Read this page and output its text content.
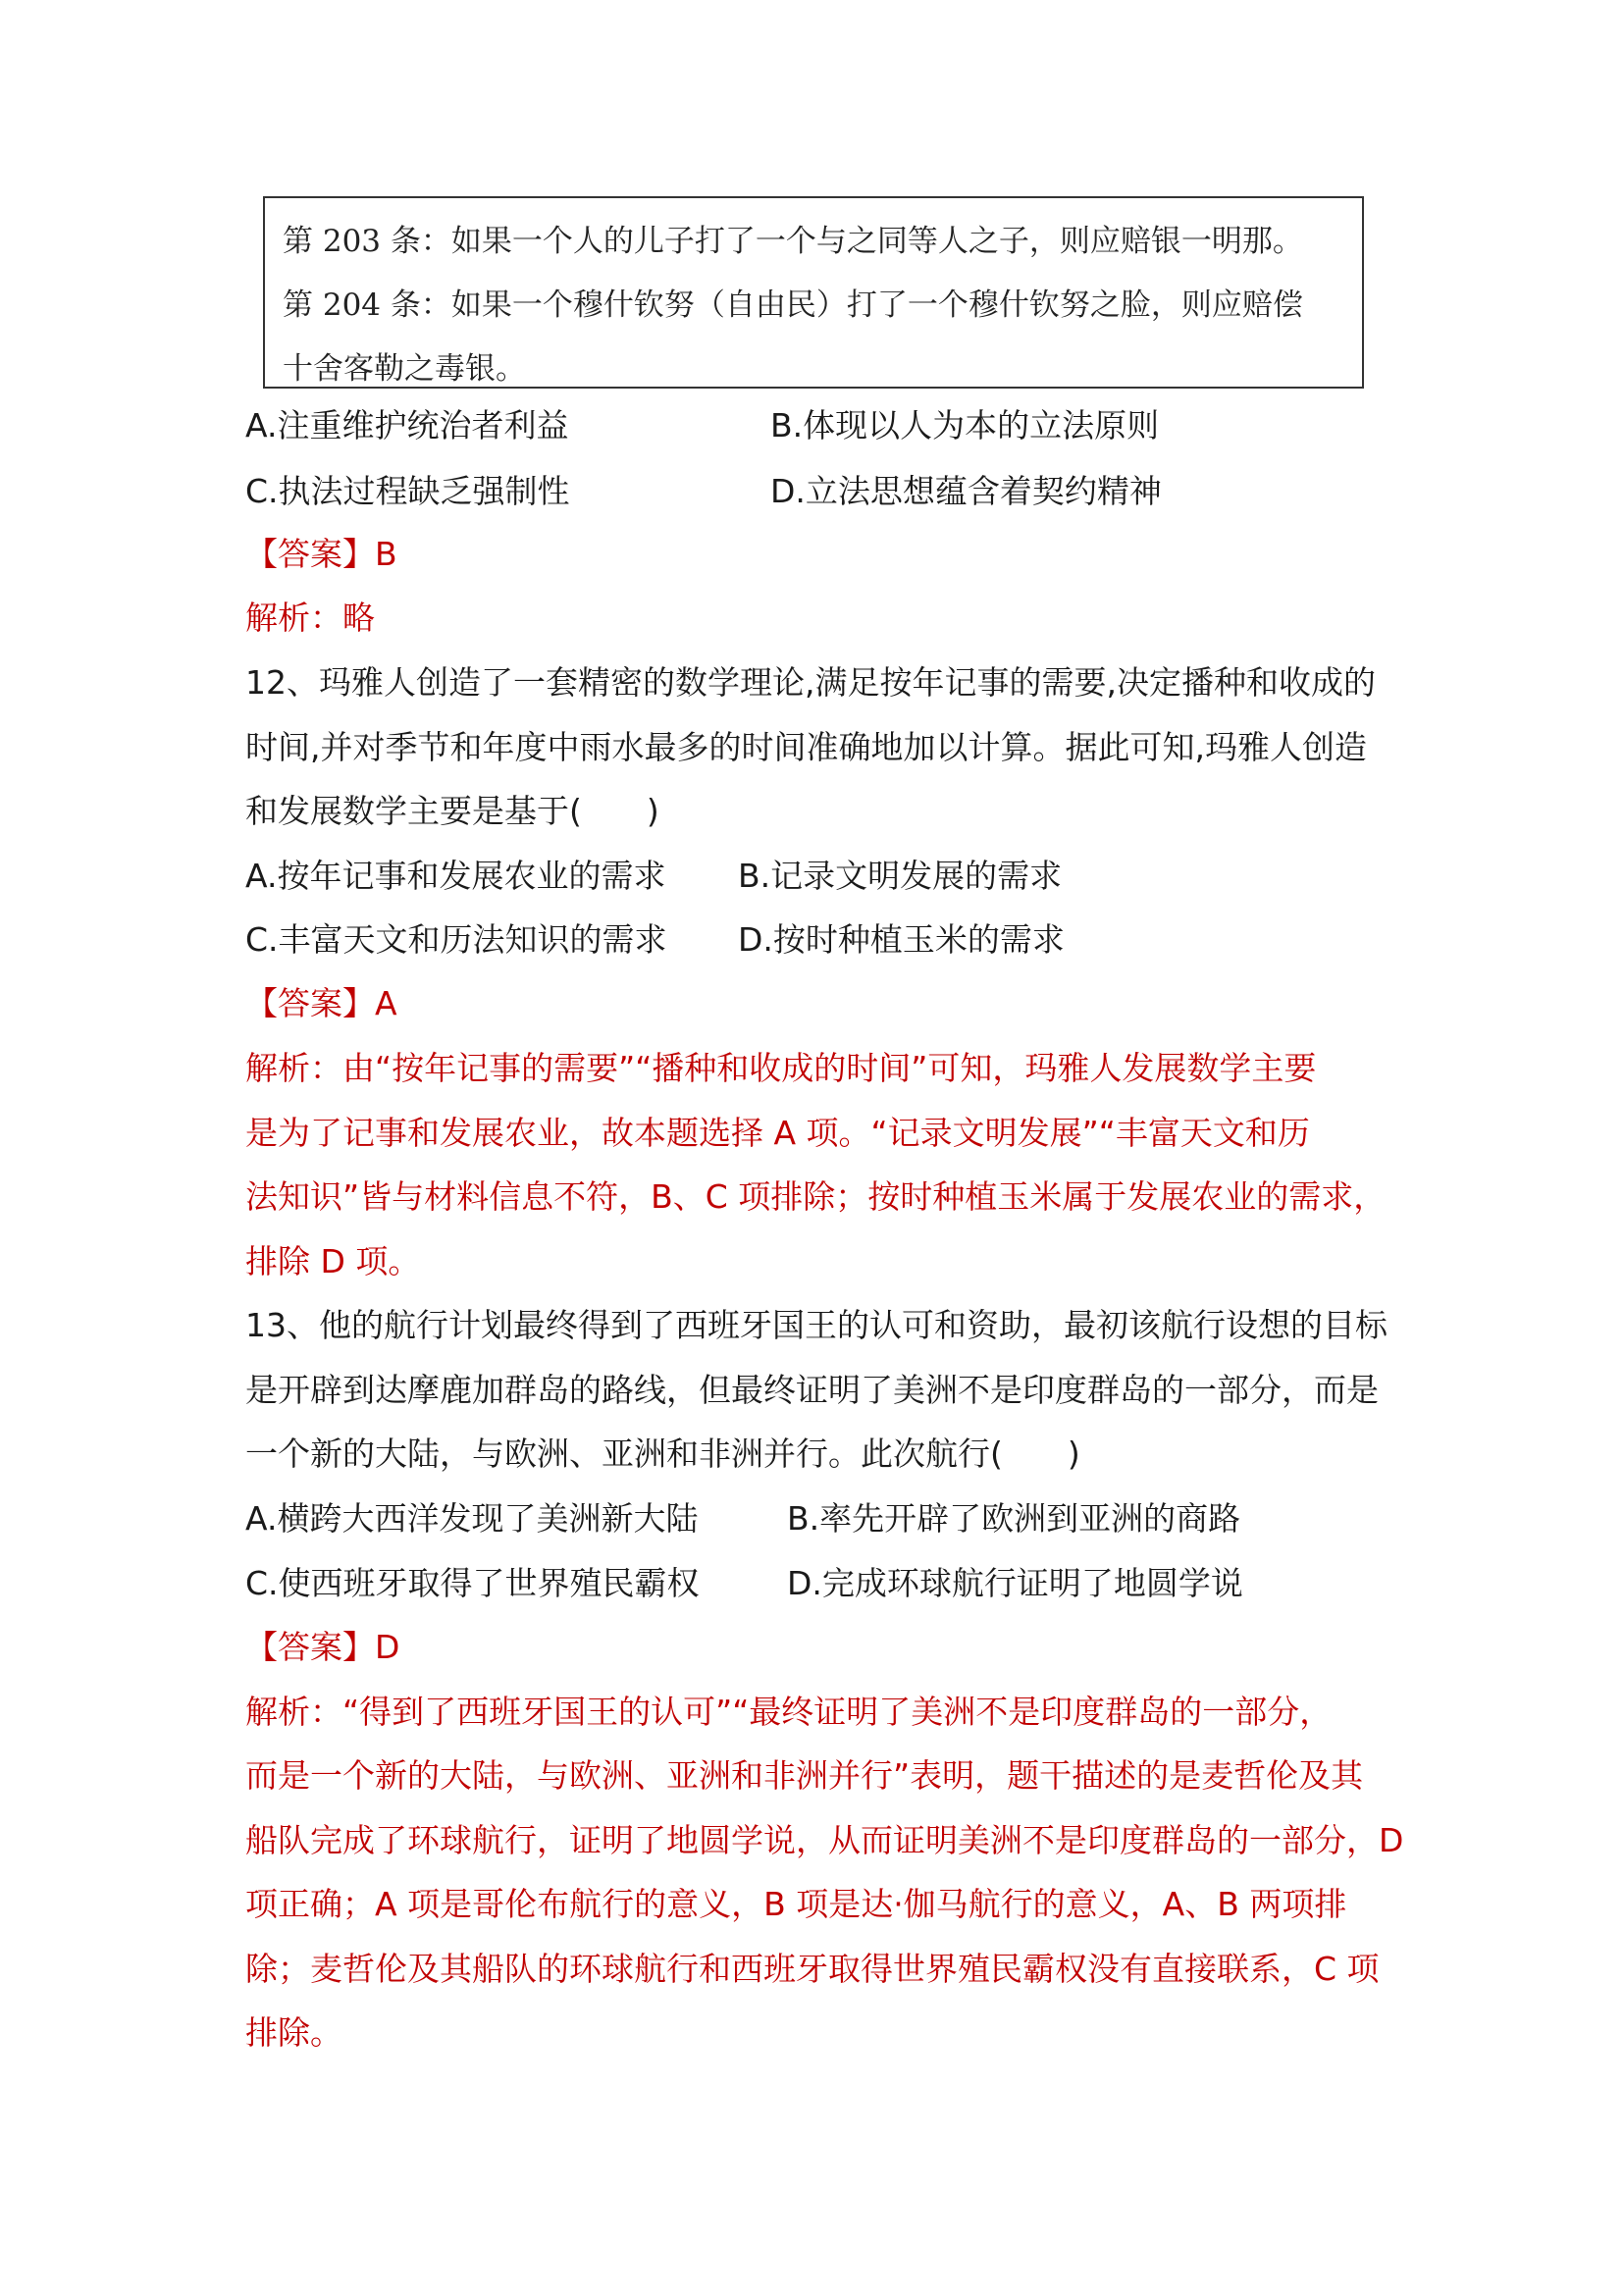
第 203 条：如果一个人的儿子打了一个与之同等人之子，则应赔银一明那。

第 204 条：如果一个穆什钦努（自由民）打了一个穆什钦努之脸，则应赔偿

十舍客勒之毒银。

A.注重维护统治者利益	B.体现以人为本的立法原则
C.执法过程缺乏强制性	D.立法思想蕴含着契约精神
【答案】B
解析：略
12、玛雅人创造了一套精密的数学理论,满足按年记事的需要,决定播种和收成的
时间,并对季节和年度中雨水最多的时间准确地加以计算。据此可知,玛雅人创造
和发展数学主要是基于(　　)
A.按年记事和发展农业的需求 B.记录文明发展的需求
C.丰富天文和历法知识的需求 D.按时种植玉米的需求
【答案】A
解析：由“按年记事的需要”“播种和收成的时间”可知，玛雅人发展数学主要
是为了记事和发展农业，故本题选择 A 项。“记录文明发展”“丰富天文和历
法知识”皆与材料信息不符，B、C 项排除；按时种植玉米属于发展农业的需求，
排除 D 项。
13、他的航行计划最终得到了西班牙国王的认可和资助，最初该航行设想的目标
是开辟到达摩鹿加群岛的路线，但最终证明了美洲不是印度群岛的一部分，而是
一个新的大陆，与欧洲、亚洲和非洲并行。此次航行(　　)
A.横跨大西洋发现了美洲新大陆	B.率先开辟了欧洲到亚洲的商路
C.使西班牙取得了世界殖民霸权	D.完成环球航行证明了地圆学说
【答案】D
解析：“得到了西班牙国王的认可”“最终证明了美洲不是印度群岛的一部分，
而是一个新的大陆，与欧洲、亚洲和非洲并行”表明，题干描述的是麦哲伦及其
船队完成了环球航行，证明了地圆学说，从而证明美洲不是印度群岛的一部分，D
项正确；A 项是哥伦布航行的意义，B 项是达·伽马航行的意义，A、B 两项排
除；麦哲伦及其船队的环球航行和西班牙取得世界殖民霸权没有直接联系，C 项
排除。
